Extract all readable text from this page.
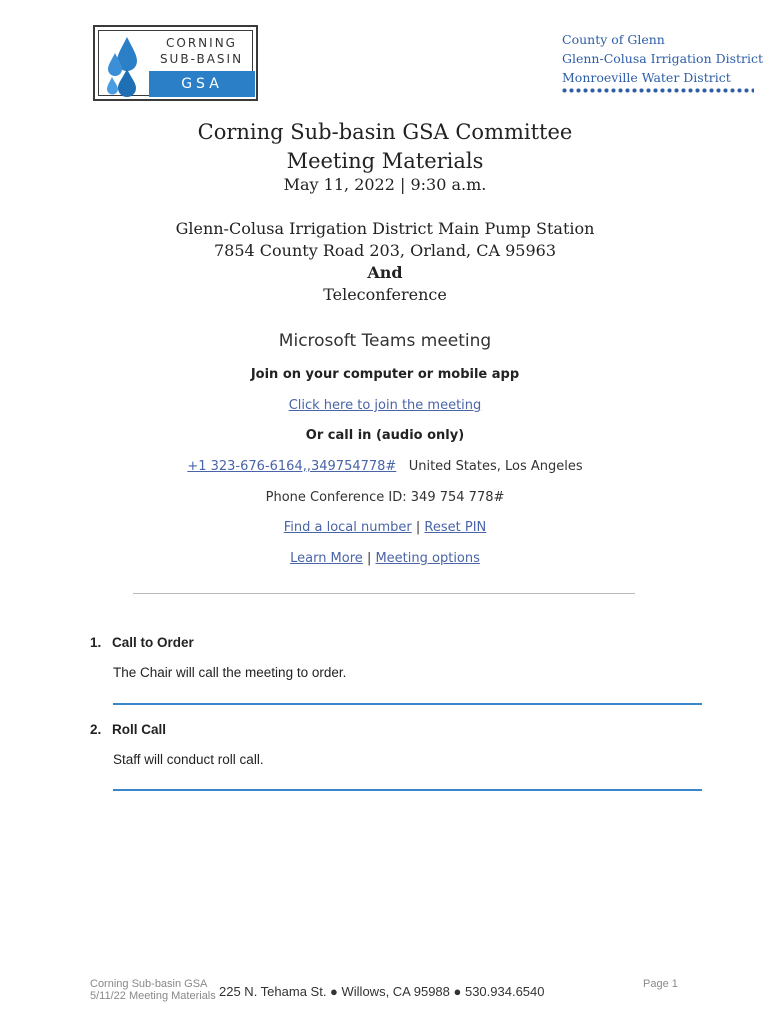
CORNING
SUB-BASIN
GSA
County of Glenn
Glenn-Colusa Irrigation District
Monroeville Water District
Corning Sub-basin GSA Committee
Meeting Materials
May 11, 2022 | 9:30 a.m.
Glenn-Colusa Irrigation District Main Pump Station
7854 County Road 203, Orland, CA 95963
And
Teleconference
Microsoft Teams meeting
Join on your computer or mobile app
Click here to join the meeting
Or call in (audio only)
+1 323-676-6164,,349754778# United States, Los Angeles
Phone Conference ID: 349 754 778#
Find a local number | Reset PIN
Learn More | Meeting options
1. Call to Order
The Chair will call the meeting to order.
2. Roll Call
Staff will conduct roll call.
Corning Sub-basin GSA
5/11/22 Meeting Materials 225 N. Tehama St. ● Willows, CA 95988 ● 530.934.6540	Page 1
